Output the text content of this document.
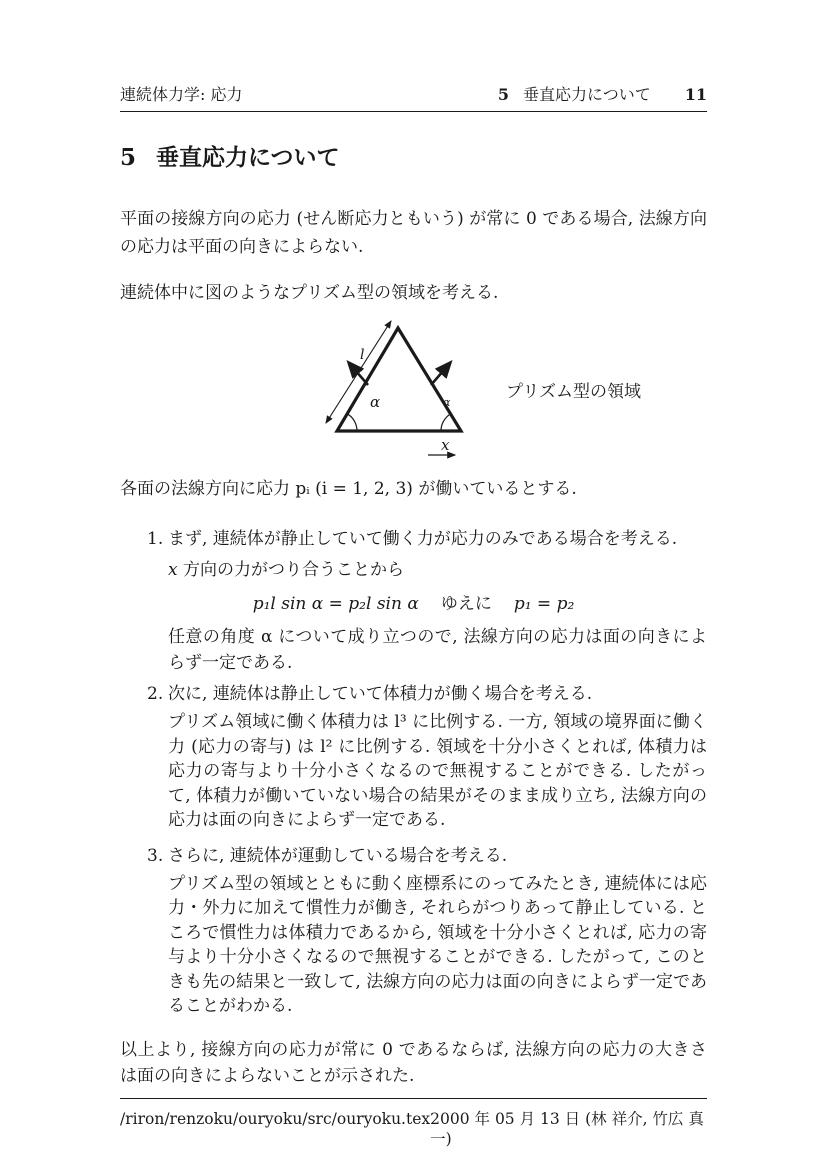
連続体力学: 応力	5 垂直応力について 11
5 垂直応力について
平面の接線方向の応力 (せん断応力ともいう) が常に 0 である場合, 法線方向の応力は平面の向きによらない.
連続体中に図のようなプリズム型の領域を考える.
l
α	α
x
プリズム型の領域
各面の法線方向に応力 pᵢ (i = 1, 2, 3) が働いているとする.
1. まず, 連続体が静止していて働く力が応力のみである場合を考える.
x 方向の力がつり合うことから
p₁l sin α = p₂l sin α ゆえに p₁ = p₂
任意の角度 α について成り立つので, 法線方向の応力は面の向きによらず一定である.
2. 次に, 連続体は静止していて体積力が働く場合を考える.
プリズム領域に働く体積力は l³ に比例する. 一方, 領域の境界面に働く力 (応力の寄与) は l² に比例する. 領域を十分小さくとれば, 体積力は応力の寄与より十分小さくなるので無視することができる. したがって, 体積力が働いていない場合の結果がそのまま成り立ち, 法線方向の応力は面の向きによらず一定である.
3. さらに, 連続体が運動している場合を考える.
プリズム型の領域とともに動く座標系にのってみたとき, 連続体には応力・外力に加えて慣性力が働き, それらがつりあって静止している. ところで慣性力は体積力であるから, 領域を十分小さくとれば, 応力の寄与より十分小さくなるので無視することができる. したがって, このときも先の結果と一致して, 法線方向の応力は面の向きによらず一定であることがわかる.
以上より, 接線方向の応力が常に 0 であるならば, 法線方向の応力の大きさは面の向きによらないことが示された.
/riron/renzoku/ouryoku/src/ouryoku.tex 2000 年 05 月 13 日 (林 祥介, 竹広 真一)
